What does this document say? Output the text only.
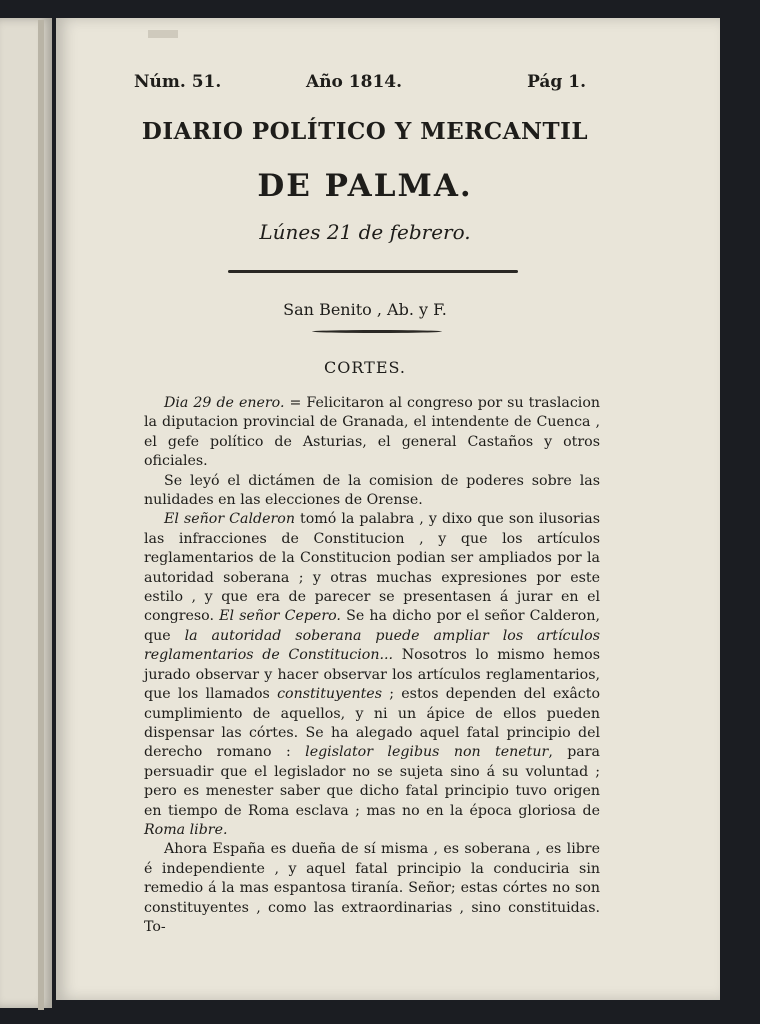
Núm. 51.	Año 1814.	Pág 1.
DIARIO POLÍTICO Y MERCANTIL
DE PALMA.
Lúnes 21 de febrero.
San Benito , Ab. y F.
CORTES.

Dia 29 de enero. = Felicitaron al congreso por su traslacion la diputacion provincial de Granada, el intendente de Cuenca , el gefe político de Asturias, el general Castaños y otros oficiales.

Se leyó el dictámen de la comision de poderes sobre las nulidades en las elecciones de Orense.

El señor Calderon tomó la palabra , y dixo que son ilusorias las infracciones de Constitucion , y que los artículos reglamentarios de la Constitucion podian ser ampliados por la autoridad soberana ; y otras muchas expresiones por este estilo , y que era de parecer se presentasen á jurar en el congreso. El señor Cepero. Se ha dicho por el señor Calderon, que la autoridad soberana puede ampliar los artículos reglamentarios de Constitucion... Nosotros lo mismo hemos jurado observar y hacer observar los artículos reglamentarios, que los llamados constituyentes ; estos dependen del exâcto cumplimiento de aquellos, y ni un ápice de ellos pueden dispensar las córtes. Se ha alegado aquel fatal principio del derecho romano : legislator legibus non tenetur, para persuadir que el legislador no se sujeta sino á su voluntad ; pero es menester saber que dicho fatal principio tuvo origen en tiempo de Roma esclava ; mas no en la época gloriosa de Roma libre.

Ahora España es dueña de sí misma , es soberana , es libre é independiente , y aquel fatal principio la conduciria sin remedio á la mas espantosa tiranía. Señor; estas córtes no son constituyentes , como las extraordinarias , sino constituidas. To-
